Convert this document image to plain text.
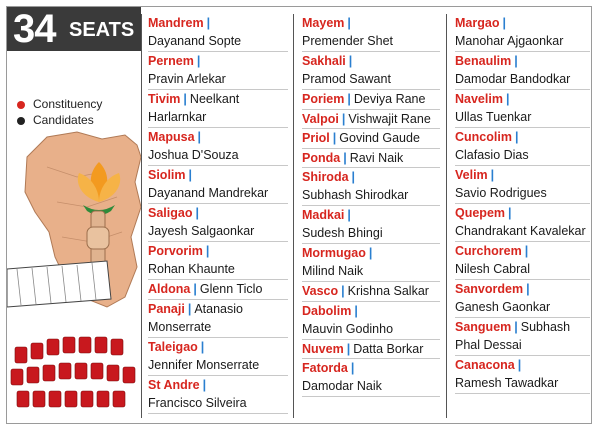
34 SEATS
Constituency
Candidates
Mandrem |
Dayanand Sopte
Pernem |
Pravin Arlekar
Tivim | Neelkant
Harlarnkar
Mapusa |
Joshua D'Souza
Siolim |
Dayanand Mandrekar
Saligao |
Jayesh Salgaonkar
Porvorim |
Rohan Khaunte
Aldona | Glenn Ticlo
Panaji | Atanasio
Monserrate
Taleigao |
Jennifer Monserrate
St Andre |
Francisco Silveira
Mayem |
Premender Shet
Sakhali |
Pramod Sawant
Poriem | Deviya Rane
Valpoi | Vishwajit Rane
Priol | Govind Gaude
Ponda | Ravi Naik
Shiroda |
Subhash Shirodkar
Madkai |
Sudesh Bhingi
Mormugao |
Milind Naik
Vasco | Krishna Salkar
Dabolim |
Mauvin Godinho
Nuvem | Datta Borkar
Fatorda |
Damodar Naik
Margao |
Manohar Ajgaonkar
Benaulim |
Damodar Bandodkar
Navelim |
Ullas Tuenkar
Cuncolim |
Clafasio Dias
Velim |
Savio Rodrigues
Quepem |
Chandrakant Kavalekar
Curchorem |
Nilesh Cabral
Sanvordem |
Ganesh Gaonkar
Sanguem | Subhash
Phal Dessai
Canacona |
Ramesh Tawadkar
